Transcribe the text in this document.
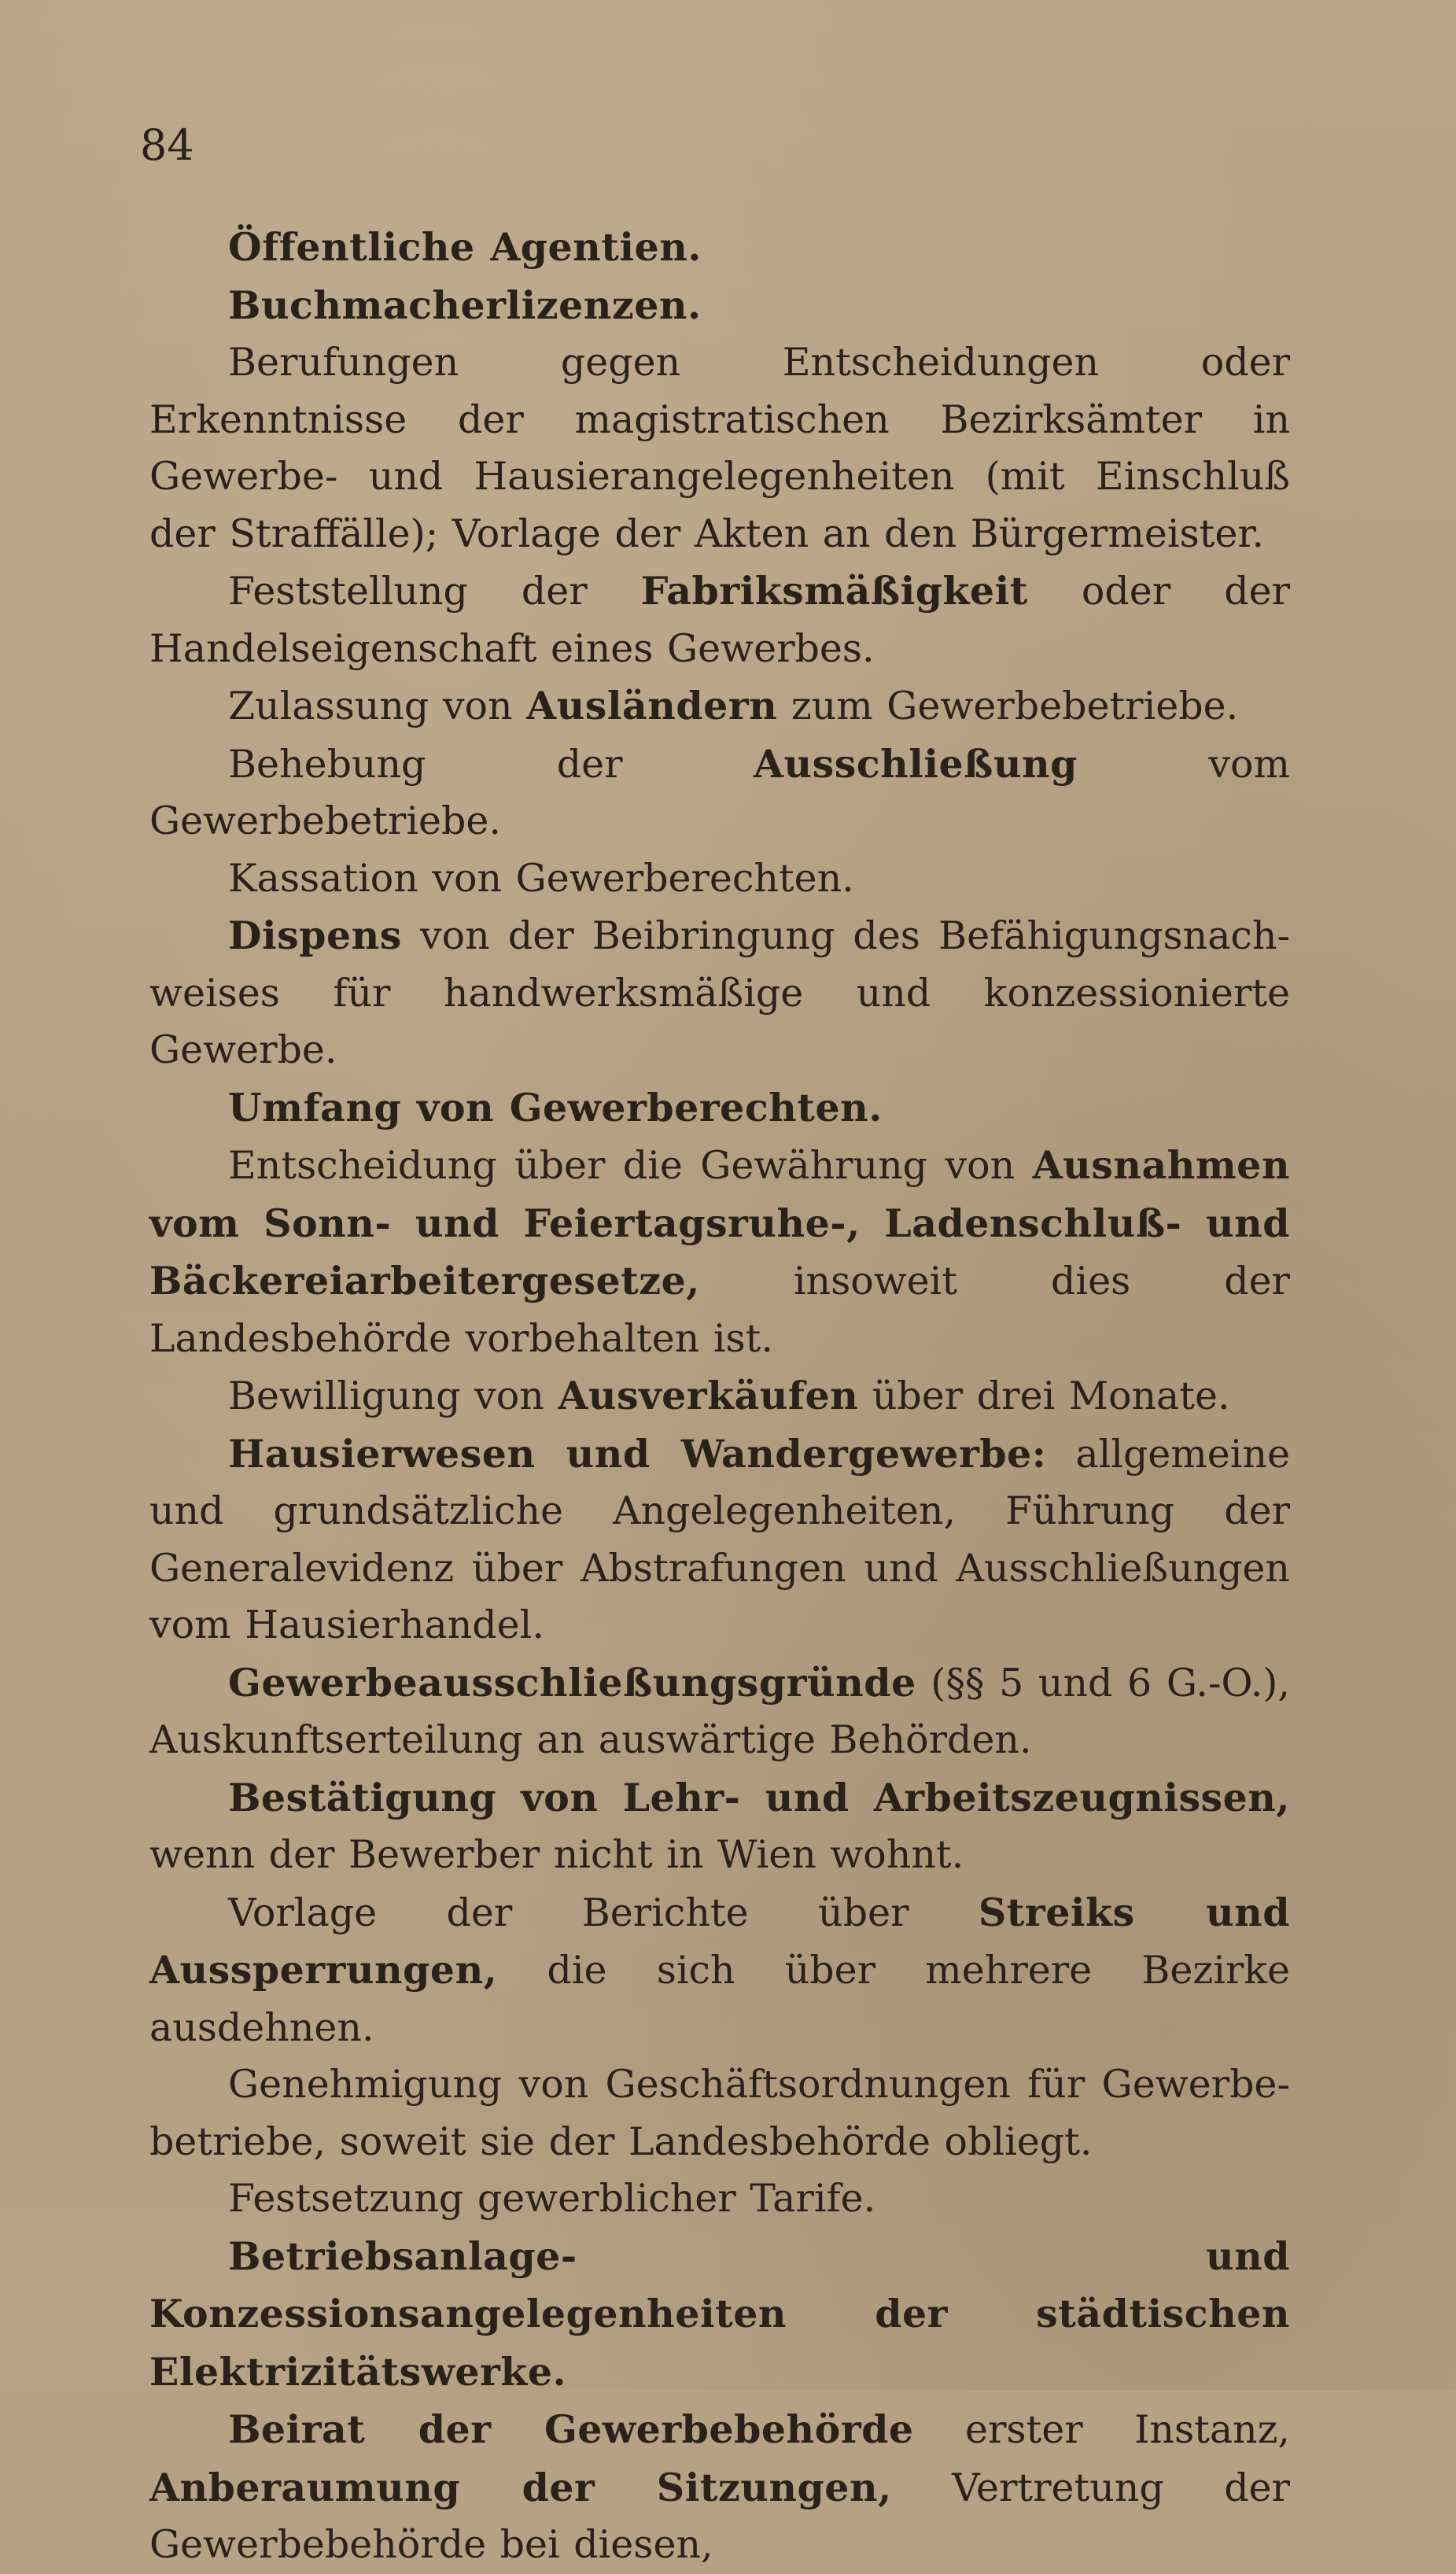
84

Öffentliche Agentien.

Buchmacherlizenzen.

Berufungen gegen Entscheidungen oder Erkenntnisse der magistratischen Bezirksämter in Gewerbe- und Hausierangelegenheiten (mit Einschluß der Straffälle); Vorlage der Akten an den Bürgermeister.

Feststellung der Fabriksmäßigkeit oder der Handelseigenschaft eines Gewerbes.

Zulassung von Ausländern zum Gewerbebetriebe.

Behebung der Ausschließung vom Gewerbebetriebe.

Kassation von Gewerberechten.

Dispens von der Beibringung des Befähigungsnachweises für handwerksmäßige und konzessionierte Gewerbe.

Umfang von Gewerberechten.

Entscheidung über die Gewährung von Ausnahmen vom Sonn- und Feiertagsruhe-, Ladenschluß- und Bäckereiarbeitergesetze, insoweit dies der Landesbehörde vorbehalten ist.

Bewilligung von Ausverkäufen über drei Monate.

Hausierwesen und Wandergewerbe: allgemeine und grundsätzliche Angelegenheiten, Führung der Generalevidenz über Abstrafungen und Ausschließungen vom Hausierhandel.

Gewerbeausschließungsgründe (§§ 5 und 6 G.-O.), Auskunftserteilung an auswärtige Behörden.

Bestätigung von Lehr- und Arbeitszeugnissen, wenn der Bewerber nicht in Wien wohnt.

Vorlage der Berichte über Streiks und Aussperrungen, die sich über mehrere Bezirke ausdehnen.

Genehmigung von Geschäftsordnungen für Gewerbebetriebe, soweit sie der Landesbehörde obliegt.

Festsetzung gewerblicher Tarife.

Betriebsanlage- und Konzessionsangelegenheiten der städtischen Elektrizitätswerke.

Beirat der Gewerbebehörde erster Instanz, Anberaumung der Sitzungen, Vertretung der Gewerbebehörde bei diesen,
